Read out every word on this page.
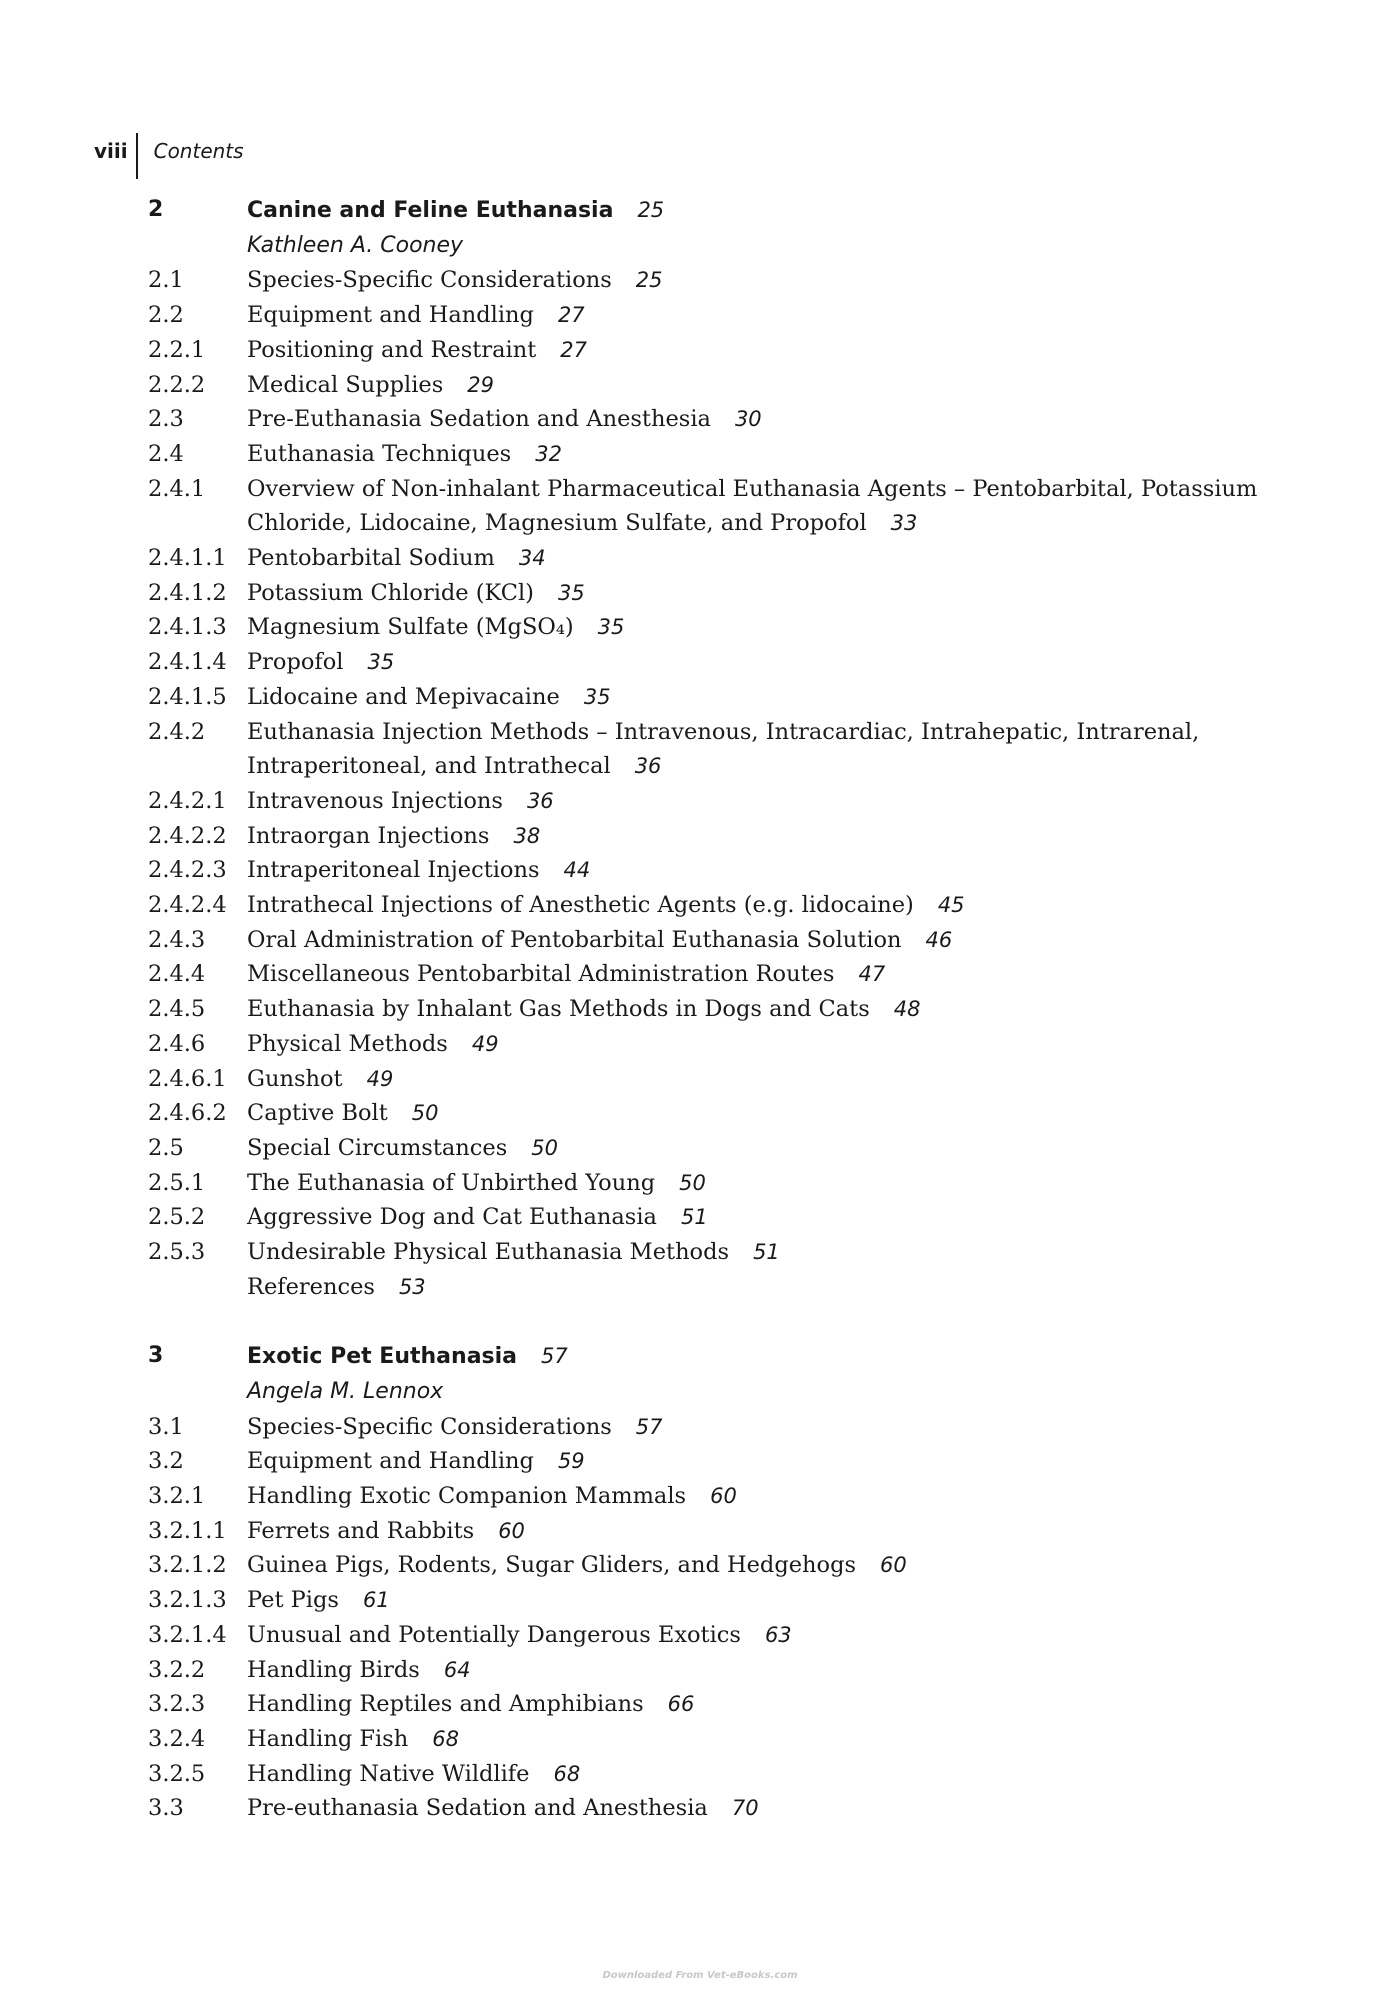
viii	Contents
2	Canine and Feline Euthanasia 25
Kathleen A. Cooney
2.1	Species-Specific Considerations 25
2.2	Equipment and Handling 27
2.2.1	Positioning and Restraint 27
2.2.2	Medical Supplies 29
2.3	Pre-Euthanasia Sedation and Anesthesia 30
2.4	Euthanasia Techniques 32
2.4.1	Overview of Non-inhalant Pharmaceutical Euthanasia Agents – Pentobarbital, Potassium Chloride, Lidocaine, Magnesium Sulfate, and Propofol 33
2.4.1.1 Pentobarbital Sodium 34
2.4.1.2 Potassium Chloride (KCl) 35
2.4.1.3 Magnesium Sulfate (MgSO₄) 35
2.4.1.4 Propofol 35
2.4.1.5 Lidocaine and Mepivacaine 35
2.4.2	Euthanasia Injection Methods – Intravenous, Intracardiac, Intrahepatic, Intrarenal, Intraperitoneal, and Intrathecal 36
2.4.2.1 Intravenous Injections 36
2.4.2.2 Intraorgan Injections 38
2.4.2.3 Intraperitoneal Injections 44
2.4.2.4 Intrathecal Injections of Anesthetic Agents (e.g. lidocaine) 45
2.4.3	Oral Administration of Pentobarbital Euthanasia Solution 46
2.4.4	Miscellaneous Pentobarbital Administration Routes 47
2.4.5	Euthanasia by Inhalant Gas Methods in Dogs and Cats 48
2.4.6	Physical Methods 49
2.4.6.1 Gunshot 49
2.4.6.2 Captive Bolt 50
2.5	Special Circumstances 50
2.5.1	The Euthanasia of Unbirthed Young 50
2.5.2	Aggressive Dog and Cat Euthanasia 51
2.5.3	Undesirable Physical Euthanasia Methods 51
References 53
3	Exotic Pet Euthanasia 57
Angela M. Lennox
3.1	Species-Specific Considerations 57
3.2	Equipment and Handling 59
3.2.1	Handling Exotic Companion Mammals 60
3.2.1.1 Ferrets and Rabbits 60
3.2.1.2 Guinea Pigs, Rodents, Sugar Gliders, and Hedgehogs 60
3.2.1.3 Pet Pigs 61
3.2.1.4 Unusual and Potentially Dangerous Exotics 63
3.2.2	Handling Birds 64
3.2.3	Handling Reptiles and Amphibians 66
3.2.4	Handling Fish 68
3.2.5	Handling Native Wildlife 68
3.3	Pre-euthanasia Sedation and Anesthesia 70
Downloaded From Vet-eBooks.com
